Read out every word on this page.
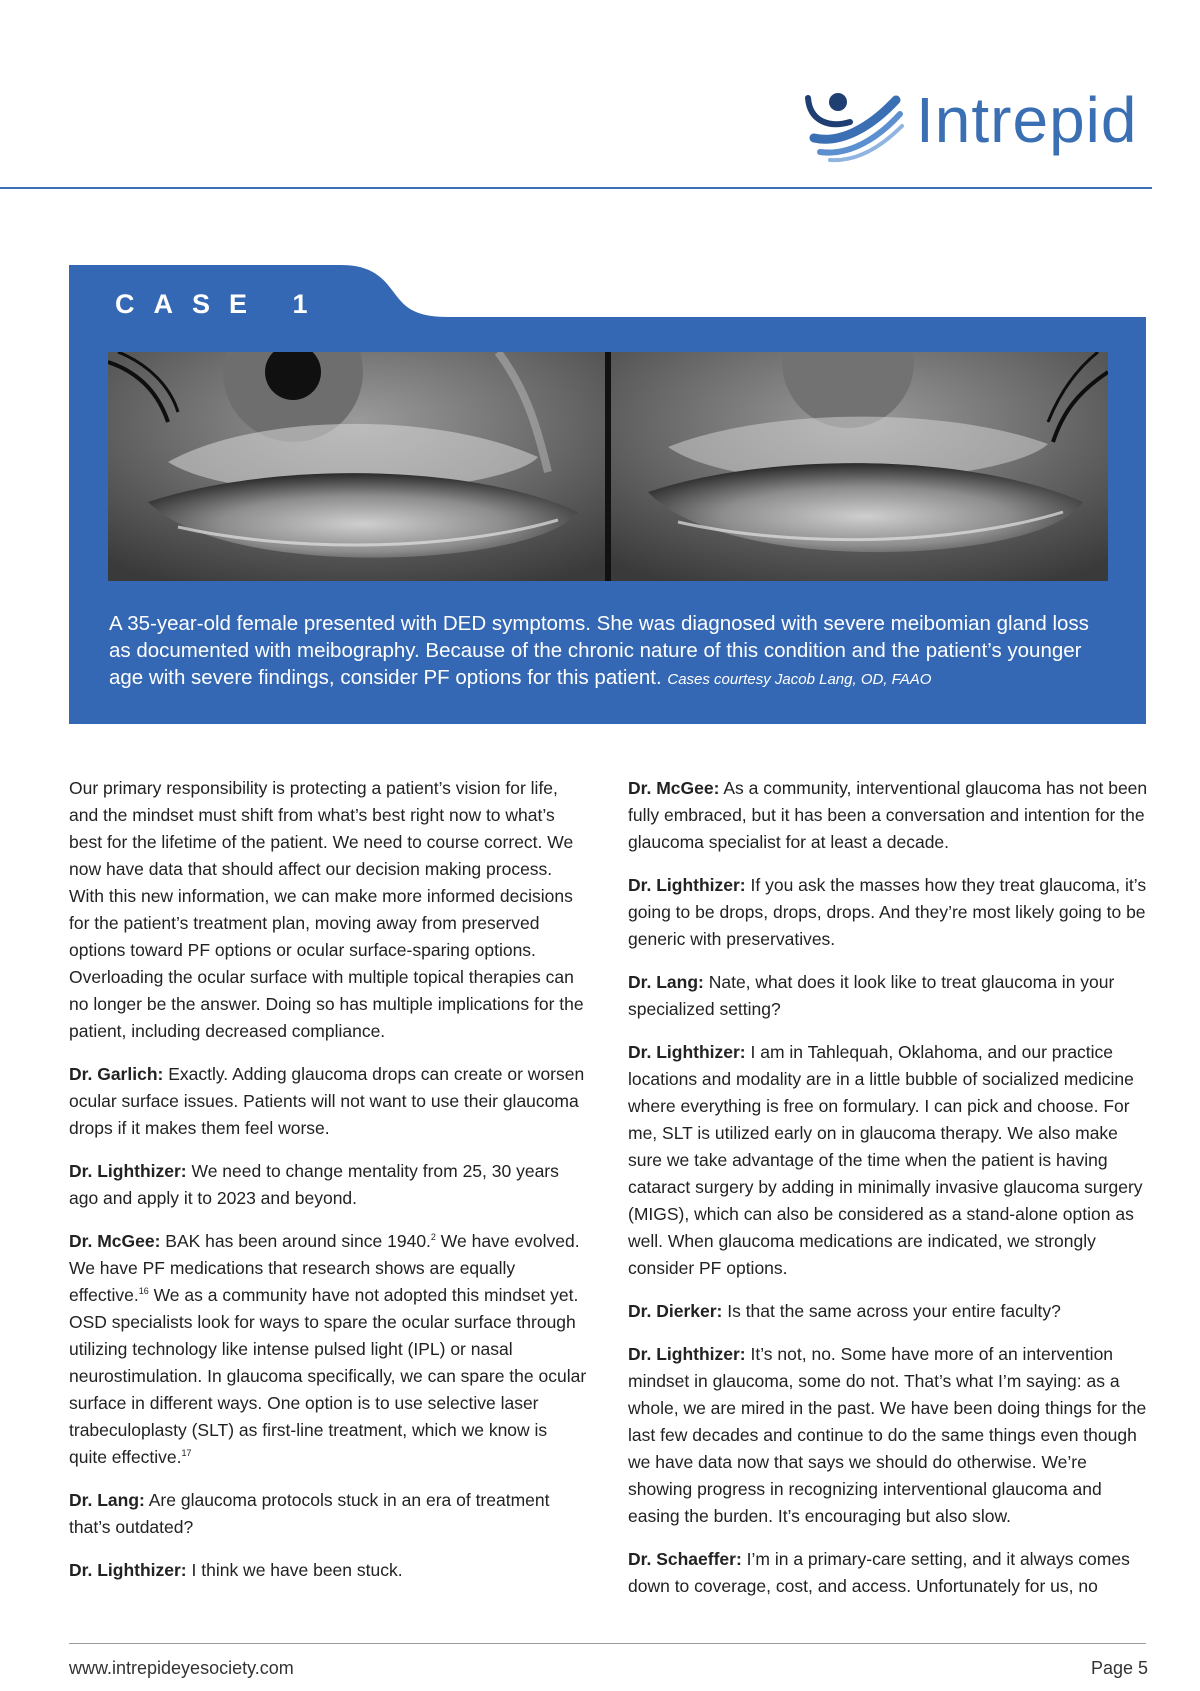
Intrepid
CASE 1
A 35-year-old female presented with DED symptoms. She was diagnosed with severe meibomian gland loss as documented with meibography. Because of the chronic nature of this condition and the patient’s younger age with severe findings, consider PF options for this patient. Cases courtesy Jacob Lang, OD, FAAO

Our primary responsibility is protecting a patient’s vision for life, and the mindset must shift from what’s best right now to what’s best for the lifetime of the patient. We need to course correct. We now have data that should affect our decision making process. With this new information, we can make more informed decisions for the patient’s treatment plan, moving away from preserved options toward PF options or ocular surface-sparing options. Overloading the ocular surface with multiple topical therapies can no longer be the answer. Doing so has multiple implications for the patient, including decreased compliance.

Dr. Garlich: Exactly. Adding glaucoma drops can create or worsen ocular surface issues. Patients will not want to use their glaucoma drops if it makes them feel worse.

Dr. Lighthizer: We need to change mentality from 25, 30 years ago and apply it to 2023 and beyond.

Dr. McGee: BAK has been around since 1940.$^2$ We have evolved. We have PF medications that research shows are equally effective.$^{16}$ We as a community have not adopted this mindset yet. OSD specialists look for ways to spare the ocular surface through utilizing technology like intense pulsed light (IPL) or nasal neurostimulation. In glaucoma specifically, we can spare the ocular surface in different ways. One option is to use selective laser trabeculoplasty (SLT) as first-line treatment, which we know is quite effective.$^{17}$

Dr. Lang: Are glaucoma protocols stuck in an era of treatment that’s outdated?

Dr. Lighthizer: I think we have been stuck.

Dr. McGee: As a community, interventional glaucoma has not been fully embraced, but it has been a conversation and intention for the glaucoma specialist for at least a decade.

Dr. Lighthizer: If you ask the masses how they treat glaucoma, it’s going to be drops, drops, drops. And they’re most likely going to be generic with preservatives.

Dr. Lang: Nate, what does it look like to treat glaucoma in your specialized setting?

Dr. Lighthizer: I am in Tahlequah, Oklahoma, and our practice locations and modality are in a little bubble of socialized medicine where everything is free on formulary. I can pick and choose. For me, SLT is utilized early on in glaucoma therapy. We also make sure we take advantage of the time when the patient is having cataract surgery by adding in minimally invasive glaucoma surgery (MIGS), which can also be considered as a stand-alone option as well. When glaucoma medications are indicated, we strongly consider PF options.

Dr. Dierker: Is that the same across your entire faculty?

Dr. Lighthizer: It’s not, no. Some have more of an intervention mindset in glaucoma, some do not. That’s what I’m saying: as a whole, we are mired in the past. We have been doing things for the last few decades and continue to do the same things even though we have data now that says we should do otherwise. We’re showing progress in recognizing interventional glaucoma and easing the burden. It’s encouraging but also slow.

Dr. Schaeffer: I’m in a primary-care setting, and it always comes down to coverage, cost, and access. Unfortunately for us, no

www.intrepideyesociety.com	Page 5
